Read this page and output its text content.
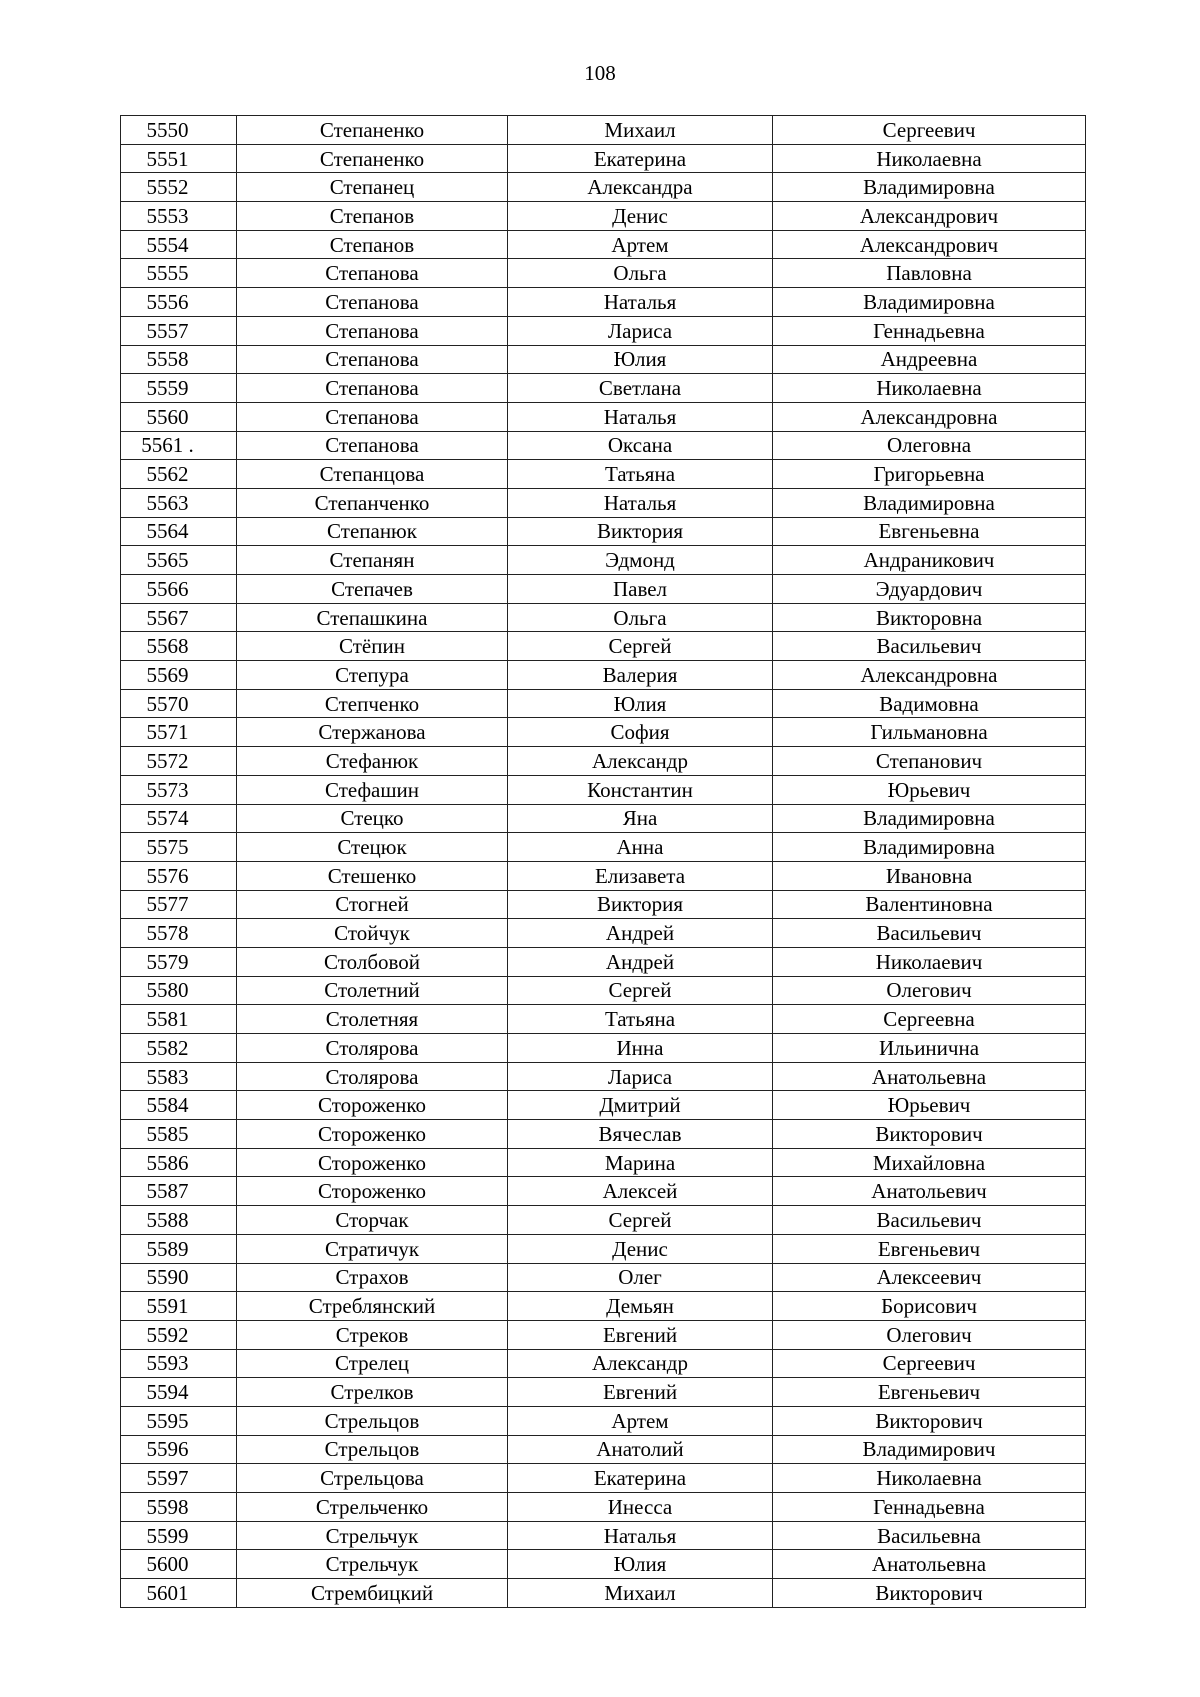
108
5550	Степаненко	Михаил	Сергеевич
5551	Степаненко	Екатерина	Николаевна
5552	Степанец	Александра	Владимировна
5553	Степанов	Денис	Александрович
5554	Степанов	Артем	Александрович
5555	Степанова	Ольга	Павловна
5556	Степанова	Наталья	Владимировна
5557	Степанова	Лариса	Геннадьевна
5558	Степанова	Юлия	Андреевна
5559	Степанова	Светлана	Николаевна
5560	Степанова	Наталья	Александровна
5561 .	Степанова	Оксана	Олеговна
5562	Степанцова	Татьяна	Григорьевна
5563	Степанченко	Наталья	Владимировна
5564	Степанюк	Виктория	Евгеньевна
5565	Степанян	Эдмонд	Андраникович
5566	Степачев	Павел	Эдуардович
5567	Степашкина	Ольга	Викторовна
5568	Стёпин	Сергей	Васильевич
5569	Степура	Валерия	Александровна
5570	Степченко	Юлия	Вадимовна
5571	Стержанова	София	Гильмановна
5572	Стефанюк	Александр	Степанович
5573	Стефашин	Константин	Юрьевич
5574	Стецко	Яна	Владимировна
5575	Стецюк	Анна	Владимировна
5576	Стешенко	Елизавета	Ивановна
5577	Стогней	Виктория	Валентиновна
5578	Стойчук	Андрей	Васильевич
5579	Столбовой	Андрей	Николаевич
5580	Столетний	Сергей	Олегович
5581	Столетняя	Татьяна	Сергеевна
5582	Столярова	Инна	Ильинична
5583	Столярова	Лариса	Анатольевна
5584	Стороженко	Дмитрий	Юрьевич
5585	Стороженко	Вячеслав	Викторович
5586	Стороженко	Марина	Михайловна
5587	Стороженко	Алексей	Анатольевич
5588	Сторчак	Сергей	Васильевич
5589	Стратичук	Денис	Евгеньевич
5590	Страхов	Олег	Алексеевич
5591	Стреблянский	Демьян	Борисович
5592	Стреков	Евгений	Олегович
5593	Стрелец	Александр	Сергеевич
5594	Стрелков	Евгений	Евгеньевич
5595	Стрельцов	Артем	Викторович
5596	Стрельцов	Анатолий	Владимирович
5597	Стрельцова	Екатерина	Николаевна
5598	Стрельченко	Инесса	Геннадьевна
5599	Стрельчук	Наталья	Васильевна
5600	Стрельчук	Юлия	Анатольевна
5601	Стрембицкий	Михаил	Викторович
